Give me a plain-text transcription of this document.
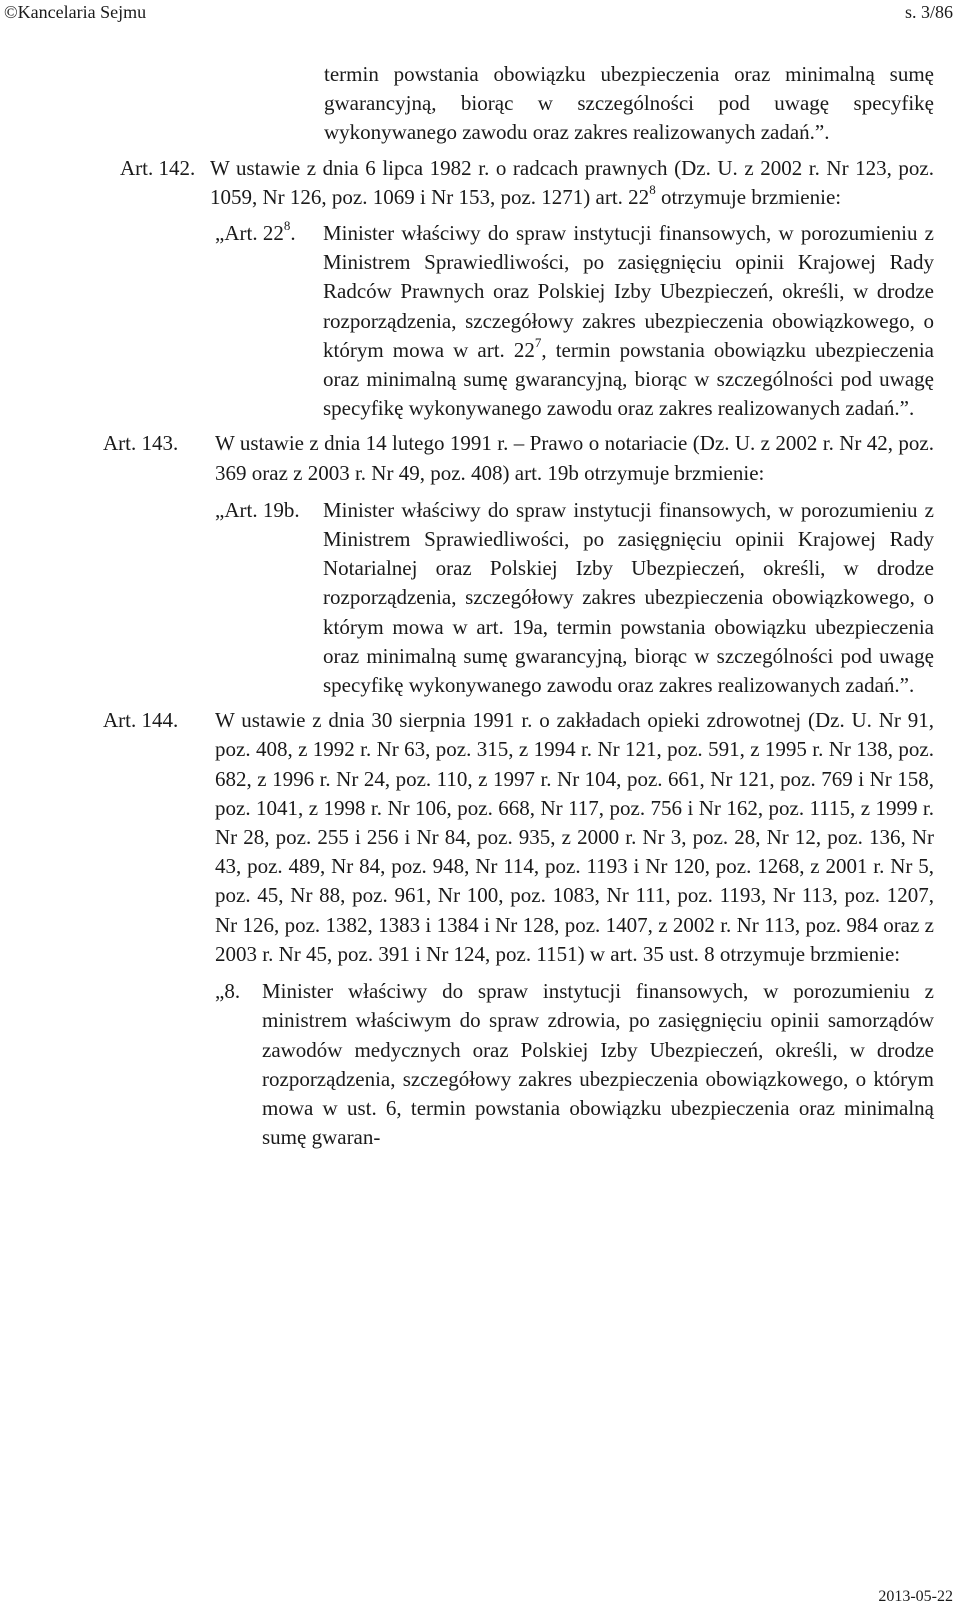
©Kancelaria Sejmu	s. 3/86
termin powstania obowiązku ubezpieczenia oraz minimalną sumę gwarancyjną, biorąc w szczególności pod uwagę specyfikę wykonywanego zawodu oraz zakres realizowanych zadań.”.
Art. 142. W ustawie z dnia 6 lipca 1982 r. o radcach prawnych (Dz. U. z 2002 r. Nr 123, poz. 1059, Nr 126, poz. 1069 i Nr 153, poz. 1271) art. $22^8$ otrzymuje brzmienie:
„Art. $22^8$. Minister właściwy do spraw instytucji finansowych, w porozumieniu z Ministrem Sprawiedliwości, po zasięgnięciu opinii Krajowej Rady Radców Prawnych oraz Polskiej Izby Ubezpieczeń, określi, w drodze rozporządzenia, szczegółowy zakres ubezpieczenia obowiązkowego, o którym mowa w art. $22^7$, termin powstania obowiązku ubezpieczenia oraz minimalną sumę gwarancyjną, biorąc w szczególności pod uwagę specyfikę wykonywanego zawodu oraz zakres realizowanych zadań.”.
Art. 143. W ustawie z dnia 14 lutego 1991 r. – Prawo o notariacie (Dz. U. z 2002 r. Nr 42, poz. 369 oraz z 2003 r. Nr 49, poz. 408) art. 19b otrzymuje brzmienie:
„Art. 19b. Minister właściwy do spraw instytucji finansowych, w porozumieniu z Ministrem Sprawiedliwości, po zasięgnięciu opinii Krajowej Rady Notarialnej oraz Polskiej Izby Ubezpieczeń, określi, w drodze rozporządzenia, szczegółowy zakres ubezpieczenia obowiązkowego, o którym mowa w art. 19a, termin powstania obowiązku ubezpieczenia oraz minimalną sumę gwarancyjną, biorąc w szczególności pod uwagę specyfikę wykonywanego zawodu oraz zakres realizowanych zadań.”.
Art. 144. W ustawie z dnia 30 sierpnia 1991 r. o zakładach opieki zdrowotnej (Dz. U. Nr 91, poz. 408, z 1992 r. Nr 63, poz. 315, z 1994 r. Nr 121, poz. 591, z 1995 r. Nr 138, poz. 682, z 1996 r. Nr 24, poz. 110, z 1997 r. Nr 104, poz. 661, Nr 121, poz. 769 i Nr 158, poz. 1041, z 1998 r. Nr 106, poz. 668, Nr 117, poz. 756 i Nr 162, poz. 1115, z 1999 r. Nr 28, poz. 255 i 256 i Nr 84, poz. 935, z 2000 r. Nr 3, poz. 28, Nr 12, poz. 136, Nr 43, poz. 489, Nr 84, poz. 948, Nr 114, poz. 1193 i Nr 120, poz. 1268, z 2001 r. Nr 5, poz. 45, Nr 88, poz. 961, Nr 100, poz. 1083, Nr 111, poz. 1193, Nr 113, poz. 1207, Nr 126, poz. 1382, 1383 i 1384 i Nr 128, poz. 1407, z 2002 r. Nr 113, poz. 984 oraz z 2003 r. Nr 45, poz. 391 i Nr 124, poz. 1151) w art. 35 ust. 8 otrzymuje brzmienie:
„8. Minister właściwy do spraw instytucji finansowych, w porozumieniu z ministrem właściwym do spraw zdrowia, po zasięgnięciu opinii samorządów zawodów medycznych oraz Polskiej Izby Ubezpieczeń, określi, w drodze rozporządzenia, szczegółowy zakres ubezpieczenia obowiązkowego, o którym mowa w ust. 6, termin powstania obowiązku ubezpieczenia oraz minimalną sumę gwaran-
2013-05-22
